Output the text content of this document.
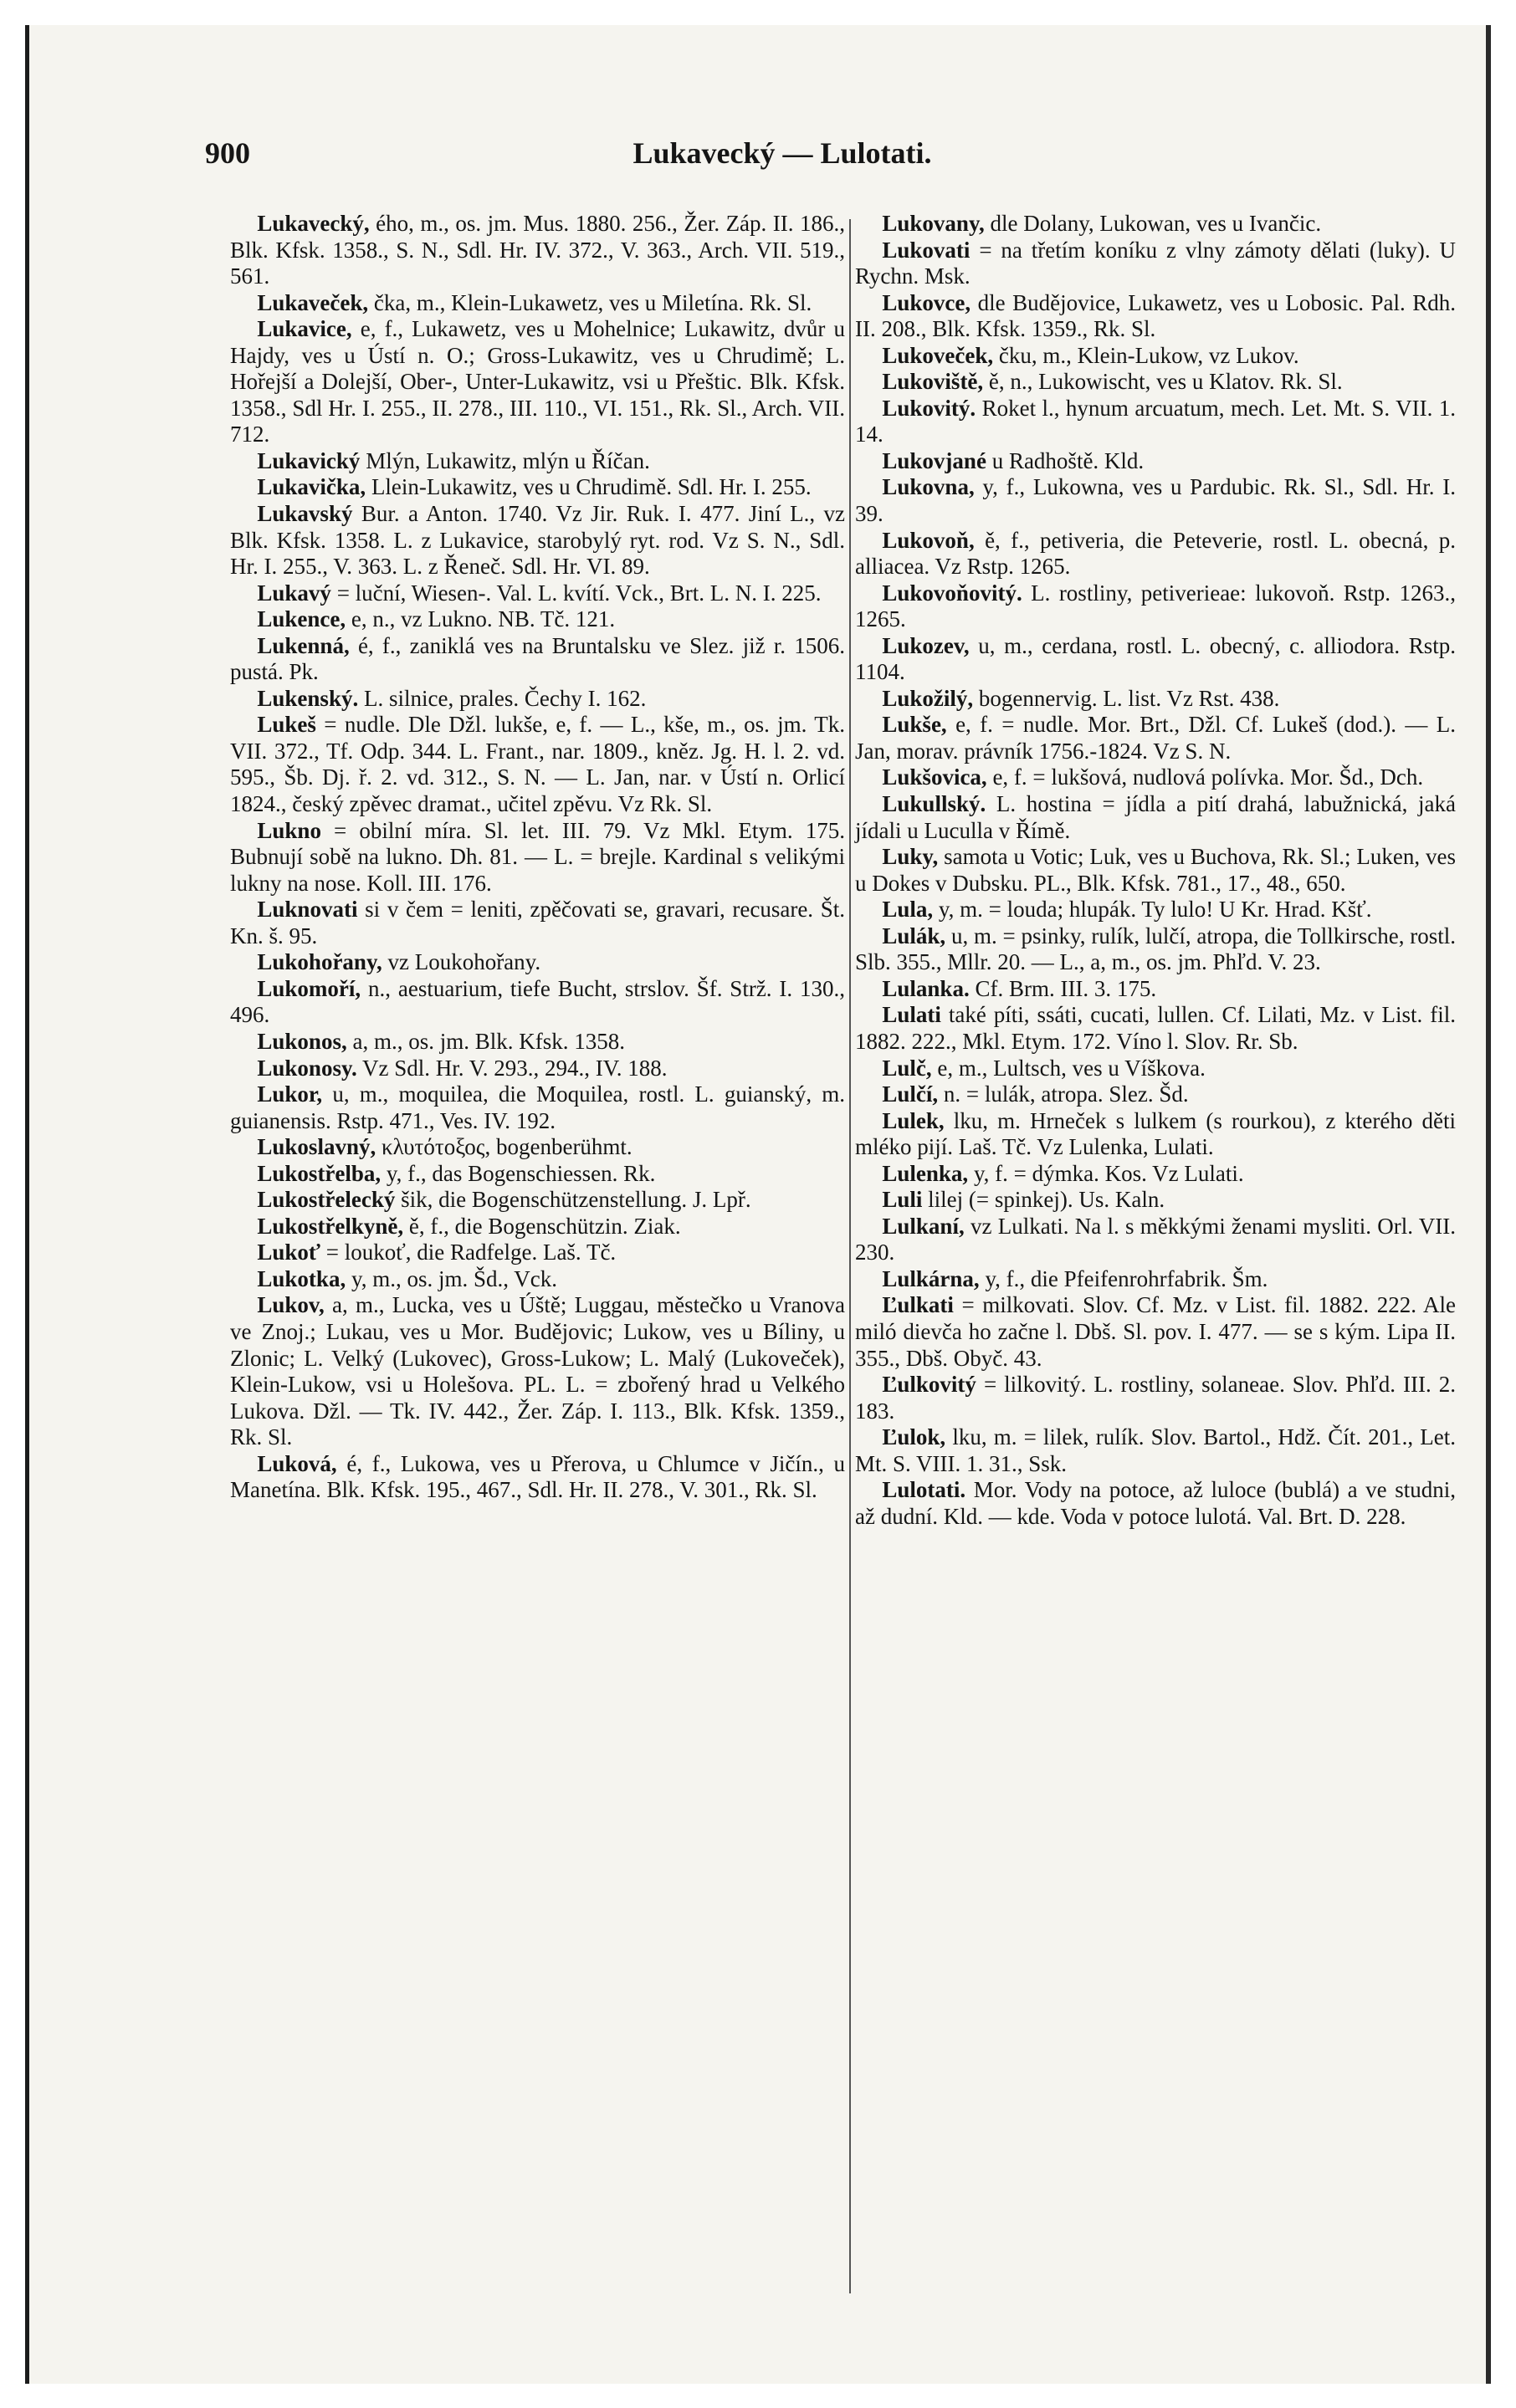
900	Lukavecký — Lulotati.

Lukavecký, ého, m., os. jm. Mus. 1880. 256., Žer. Záp. II. 186., Blk. Kfsk. 1358., S. N., Sdl. Hr. IV. 372., V. 363., Arch. VII. 519., 561.

Lukaveček, čka, m., Klein-Lukawetz, ves u Miletína. Rk. Sl.

Lukavice, e, f., Lukawetz, ves u Mohelnice; Lukawitz, dvůr u Hajdy, ves u Ústí n. O.; Gross-Lukawitz, ves u Chrudimě; L. Hořejší a Dolejší, Ober-, Unter-Lukawitz, vsi u Přeštic. Blk. Kfsk. 1358., Sdl Hr. I. 255., II. 278., III. 110., VI. 151., Rk. Sl., Arch. VII. 712.

Lukavický Mlýn, Lukawitz, mlýn u Říčan.

Lukavička, Llein-Lukawitz, ves u Chrudimě. Sdl. Hr. I. 255.

Lukavský Bur. a Anton. 1740. Vz Jir. Ruk. I. 477. Jiní L., vz Blk. Kfsk. 1358. L. z Lukavice, starobylý ryt. rod. Vz S. N., Sdl. Hr. I. 255., V. 363. L. z Řeneč. Sdl. Hr. VI. 89.

Lukavý = luční, Wiesen-. Val. L. kvítí. Vck., Brt. L. N. I. 225.

Lukence, e, n., vz Lukno. NB. Tč. 121.

Lukenná, é, f., zaniklá ves na Bruntalsku ve Slez. již r. 1506. pustá. Pk.

Lukenský. L. silnice, prales. Čechy I. 162.

Lukeš = nudle. Dle Džl. lukše, e, f. — L., kše, m., os. jm. Tk. VII. 372., Tf. Odp. 344. L. Frant., nar. 1809., kněz. Jg. H. l. 2. vd. 595., Šb. Dj. ř. 2. vd. 312., S. N. — L. Jan, nar. v Ústí n. Orlicí 1824., český zpěvec dramat., učitel zpěvu. Vz Rk. Sl.

Lukno = obilní míra. Sl. let. III. 79. Vz Mkl. Etym. 175. Bubnují sobě na lukno. Dh. 81. — L. = brejle. Kardinal s velikými lukny na nose. Koll. III. 176.

Luknovati si v čem = leniti, zpěčovati se, gravari, recusare. Št. Kn. š. 95.

Lukohořany, vz Loukohořany.

Lukomoří, n., aestuarium, tiefe Bucht, strslov. Šf. Strž. I. 130., 496.

Lukonos, a, m., os. jm. Blk. Kfsk. 1358.

Lukonosy. Vz Sdl. Hr. V. 293., 294., IV. 188.

Lukor, u, m., moquilea, die Moquilea, rostl. L. guianský, m. guianensis. Rstp. 471., Ves. IV. 192.

Lukoslavný, κλυτότοξος, bogenberühmt.

Lukostřelba, y, f., das Bogenschiessen. Rk.

Lukostřelecký šik, die Bogenschützenstellung. J. Lpř.

Lukostřelkyně, ě, f., die Bogenschützin. Ziak.

Lukoť = loukoť, die Radfelge. Laš. Tč.

Lukotka, y, m., os. jm. Šd., Vck.

Lukov, a, m., Lucka, ves u Úště; Luggau, městečko u Vranova ve Znoj.; Lukau, ves u Mor. Budějovic; Lukow, ves u Bíliny, u Zlonic; L. Velký (Lukovec), Gross-Lukow; L. Malý (Lukoveček), Klein-Lukow, vsi u Holešova. PL. L. = zbořený hrad u Velkého Lukova. Džl. — Tk. IV. 442., Žer. Záp. I. 113., Blk. Kfsk. 1359., Rk. Sl.

Luková, é, f., Lukowa, ves u Přerova, u Chlumce v Jičín., u Manetína. Blk. Kfsk. 195., 467., Sdl. Hr. II. 278., V. 301., Rk. Sl.

Lukovany, dle Dolany, Lukowan, ves u Ivančic.

Lukovati = na třetím koníku z vlny zámoty dělati (luky). U Rychn. Msk.

Lukovce, dle Budějovice, Lukawetz, ves u Lobosic. Pal. Rdh. II. 208., Blk. Kfsk. 1359., Rk. Sl.

Lukoveček, čku, m., Klein-Lukow, vz Lukov.

Lukoviště, ě, n., Lukowischt, ves u Klatov. Rk. Sl.

Lukovitý. Roket l., hynum arcuatum, mech. Let. Mt. S. VII. 1. 14.

Lukovjané u Radhoště. Kld.

Lukovna, y, f., Lukowna, ves u Pardubic. Rk. Sl., Sdl. Hr. I. 39.

Lukovoň, ě, f., petiveria, die Peteverie, rostl. L. obecná, p. alliacea. Vz Rstp. 1265.

Lukovoňovitý. L. rostliny, petiverieae: lukovoň. Rstp. 1263., 1265.

Lukozev, u, m., cerdana, rostl. L. obecný, c. alliodora. Rstp. 1104.

Lukožilý, bogennervig. L. list. Vz Rst. 438.

Lukše, e, f. = nudle. Mor. Brt., Džl. Cf. Lukeš (dod.). — L. Jan, morav. právník 1756.-1824. Vz S. N.

Lukšovica, e, f. = lukšová, nudlová polívka. Mor. Šd., Dch.

Lukullský. L. hostina = jídla a pití drahá, labužnická, jaká jídali u Lucullа v Římě.

Luky, samota u Votic; Luk, ves u Buchova, Rk. Sl.; Luken, ves u Dokes v Dubsku. PL., Blk. Kfsk. 781., 17., 48., 650.

Lula, y, m. = louda; hlupák. Ty lulo! U Kr. Hrad. Kšť.

Lulák, u, m. = psinky, rulík, lulčí, atropa, die Tollkirsche, rostl. Slb. 355., Mllr. 20. — L., a, m., os. jm. Phľd. V. 23.

Lulanka. Cf. Brm. III. 3. 175.

Lulati také píti, ssáti, cucati, lullen. Cf. Lilati, Mz. v List. fil. 1882. 222., Mkl. Etym. 172. Víno l. Slov. Rr. Sb.

Lulč, e, m., Lultsch, ves u Víškova.

Lulčí, n. = lulák, atropa. Slez. Šd.

Lulek, lku, m. Hrneček s lulkem (s rourkou), z kterého děti mléko pijí. Laš. Tč. Vz Lulenka, Lulati.

Lulenka, y, f. = dýmka. Kos. Vz Lulati.

Luli lilej (= spinkej). Us. Kaln.

Lulkaní, vz Lulkati. Na l. s měkkými ženami mysliti. Orl. VII. 230.

Lulkárna, y, f., die Pfeifenrohrfabrik. Šm.

Ľulkati = milkovati. Slov. Cf. Mz. v List. fil. 1882. 222. Ale miló dievča ho začne l. Dbš. Sl. pov. I. 477. — se s kým. Lipa II. 355., Dbš. Obyč. 43.

Ľulkovitý = lilkovitý. L. rostliny, solaneae. Slov. Phľd. III. 2. 183.

Ľulok, lku, m. = lilek, rulík. Slov. Bartol., Hdž. Čít. 201., Let. Mt. S. VIII. 1. 31., Ssk.

Lulotati. Mor. Vody na potoce, až lulоce (bublá) a ve studni, až dudní. Kld. — kde. Voda v potoce lulotá. Val. Brt. D. 228.
